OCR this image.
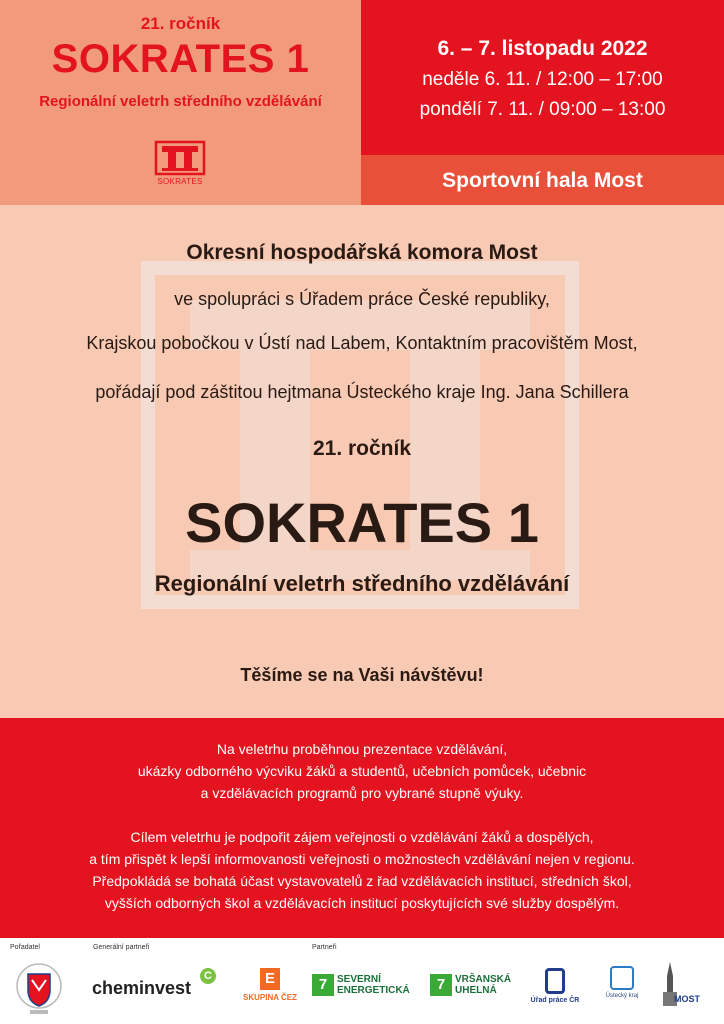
21. ročník
SOKRATES 1
Regionální veletrh středního vzdělávání
SOKRATES
6. – 7. listopadu 2022
neděle 6. 11. / 12:00 – 17:00
pondělí 7. 11. / 09:00 – 13:00
Sportovní hala Most
Okresní hospodářská komora Most
ve spolupráci s Úřadem práce České republiky,
Krajskou pobočkou v Ústí nad Labem, Kontaktním pracovištěm Most,
pořádají pod záštitou hejtmana Ústeckého kraje Ing. Jana Schillera
21. ročník
SOKRATES 1
Regionální veletrh středního vzdělávání
Těšíme se na Vaši návštěvu!
Na veletrhu proběhnou prezentace vzdělávání,
ukázky odborného výcviku žáků a studentů, učebních pomůcek, učebnic
a vzdělávacích programů pro vybrané stupně výuky.
Cílem veletrhu je podpořit zájem veřejnosti o vzdělávání žáků a dospělých,
a tím přispět k lepší informovanosti veřejnosti o možnostech vzdělávání nejen v regionu.
Předpokládá se bohatá účast vystavovatelů z řad vzdělávacích institucí, středních škol,
vyšších odborných škol a vzdělávacích institucí poskytujících své služby dospělým.
Pořadatel	Generální partneři	Partneři
cheminvest
C	E
SKUPINA ČEZ
7 SEVERNÍ
ENERGETICKÁ	7 VRŠANSKÁ
UHELNÁ
Úřad práce ČR
Ústecký kraj	MOST
